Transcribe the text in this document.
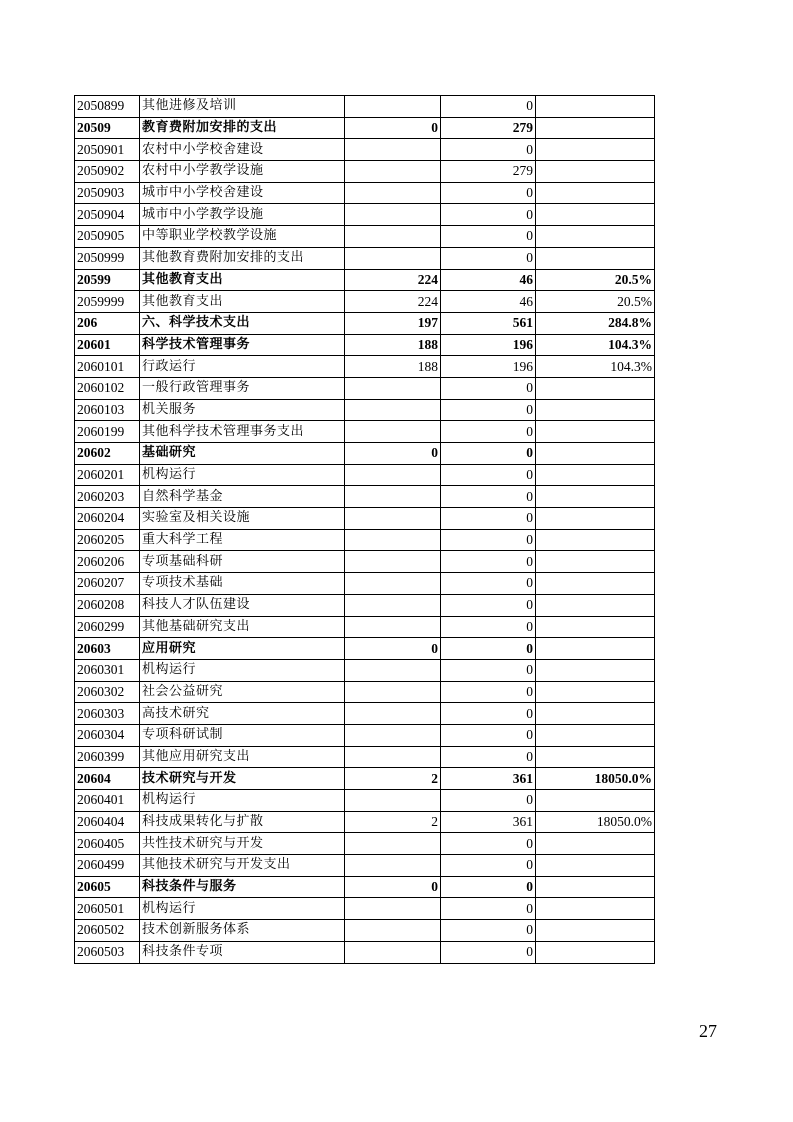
2050899	其他进修及培训		0	
20509	教育费附加安排的支出	0	279	
2050901	农村中小学校舍建设		0	
2050902	农村中小学教学设施		279	
2050903	城市中小学校舍建设		0	
2050904	城市中小学教学设施		0	
2050905	中等职业学校教学设施		0	
2050999	其他教育费附加安排的支出		0	
20599	其他教育支出	224	46	20.5%
2059999	其他教育支出	224	46	20.5%
206	六、科学技术支出	197	561	284.8%
20601	科学技术管理事务	188	196	104.3%
2060101	行政运行	188	196	104.3%
2060102	一般行政管理事务		0	
2060103	机关服务		0	
2060199	其他科学技术管理事务支出		0	
20602	基础研究	0	0	
2060201	机构运行		0	
2060203	自然科学基金		0	
2060204	实验室及相关设施		0	
2060205	重大科学工程		0	
2060206	专项基础科研		0	
2060207	专项技术基础		0	
2060208	科技人才队伍建设		0	
2060299	其他基础研究支出		0	
20603	应用研究	0	0	
2060301	机构运行		0	
2060302	社会公益研究		0	
2060303	高技术研究		0	
2060304	专项科研试制		0	
2060399	其他应用研究支出		0	
20604	技术研究与开发	2	361	18050.0%
2060401	机构运行		0	
2060404	科技成果转化与扩散	2	361	18050.0%
2060405	共性技术研究与开发		0	
2060499	其他技术研究与开发支出		0	
20605	科技条件与服务	0	0	
2060501	机构运行		0	
2060502	技术创新服务体系		0	
2060503	科技条件专项		0	
27
